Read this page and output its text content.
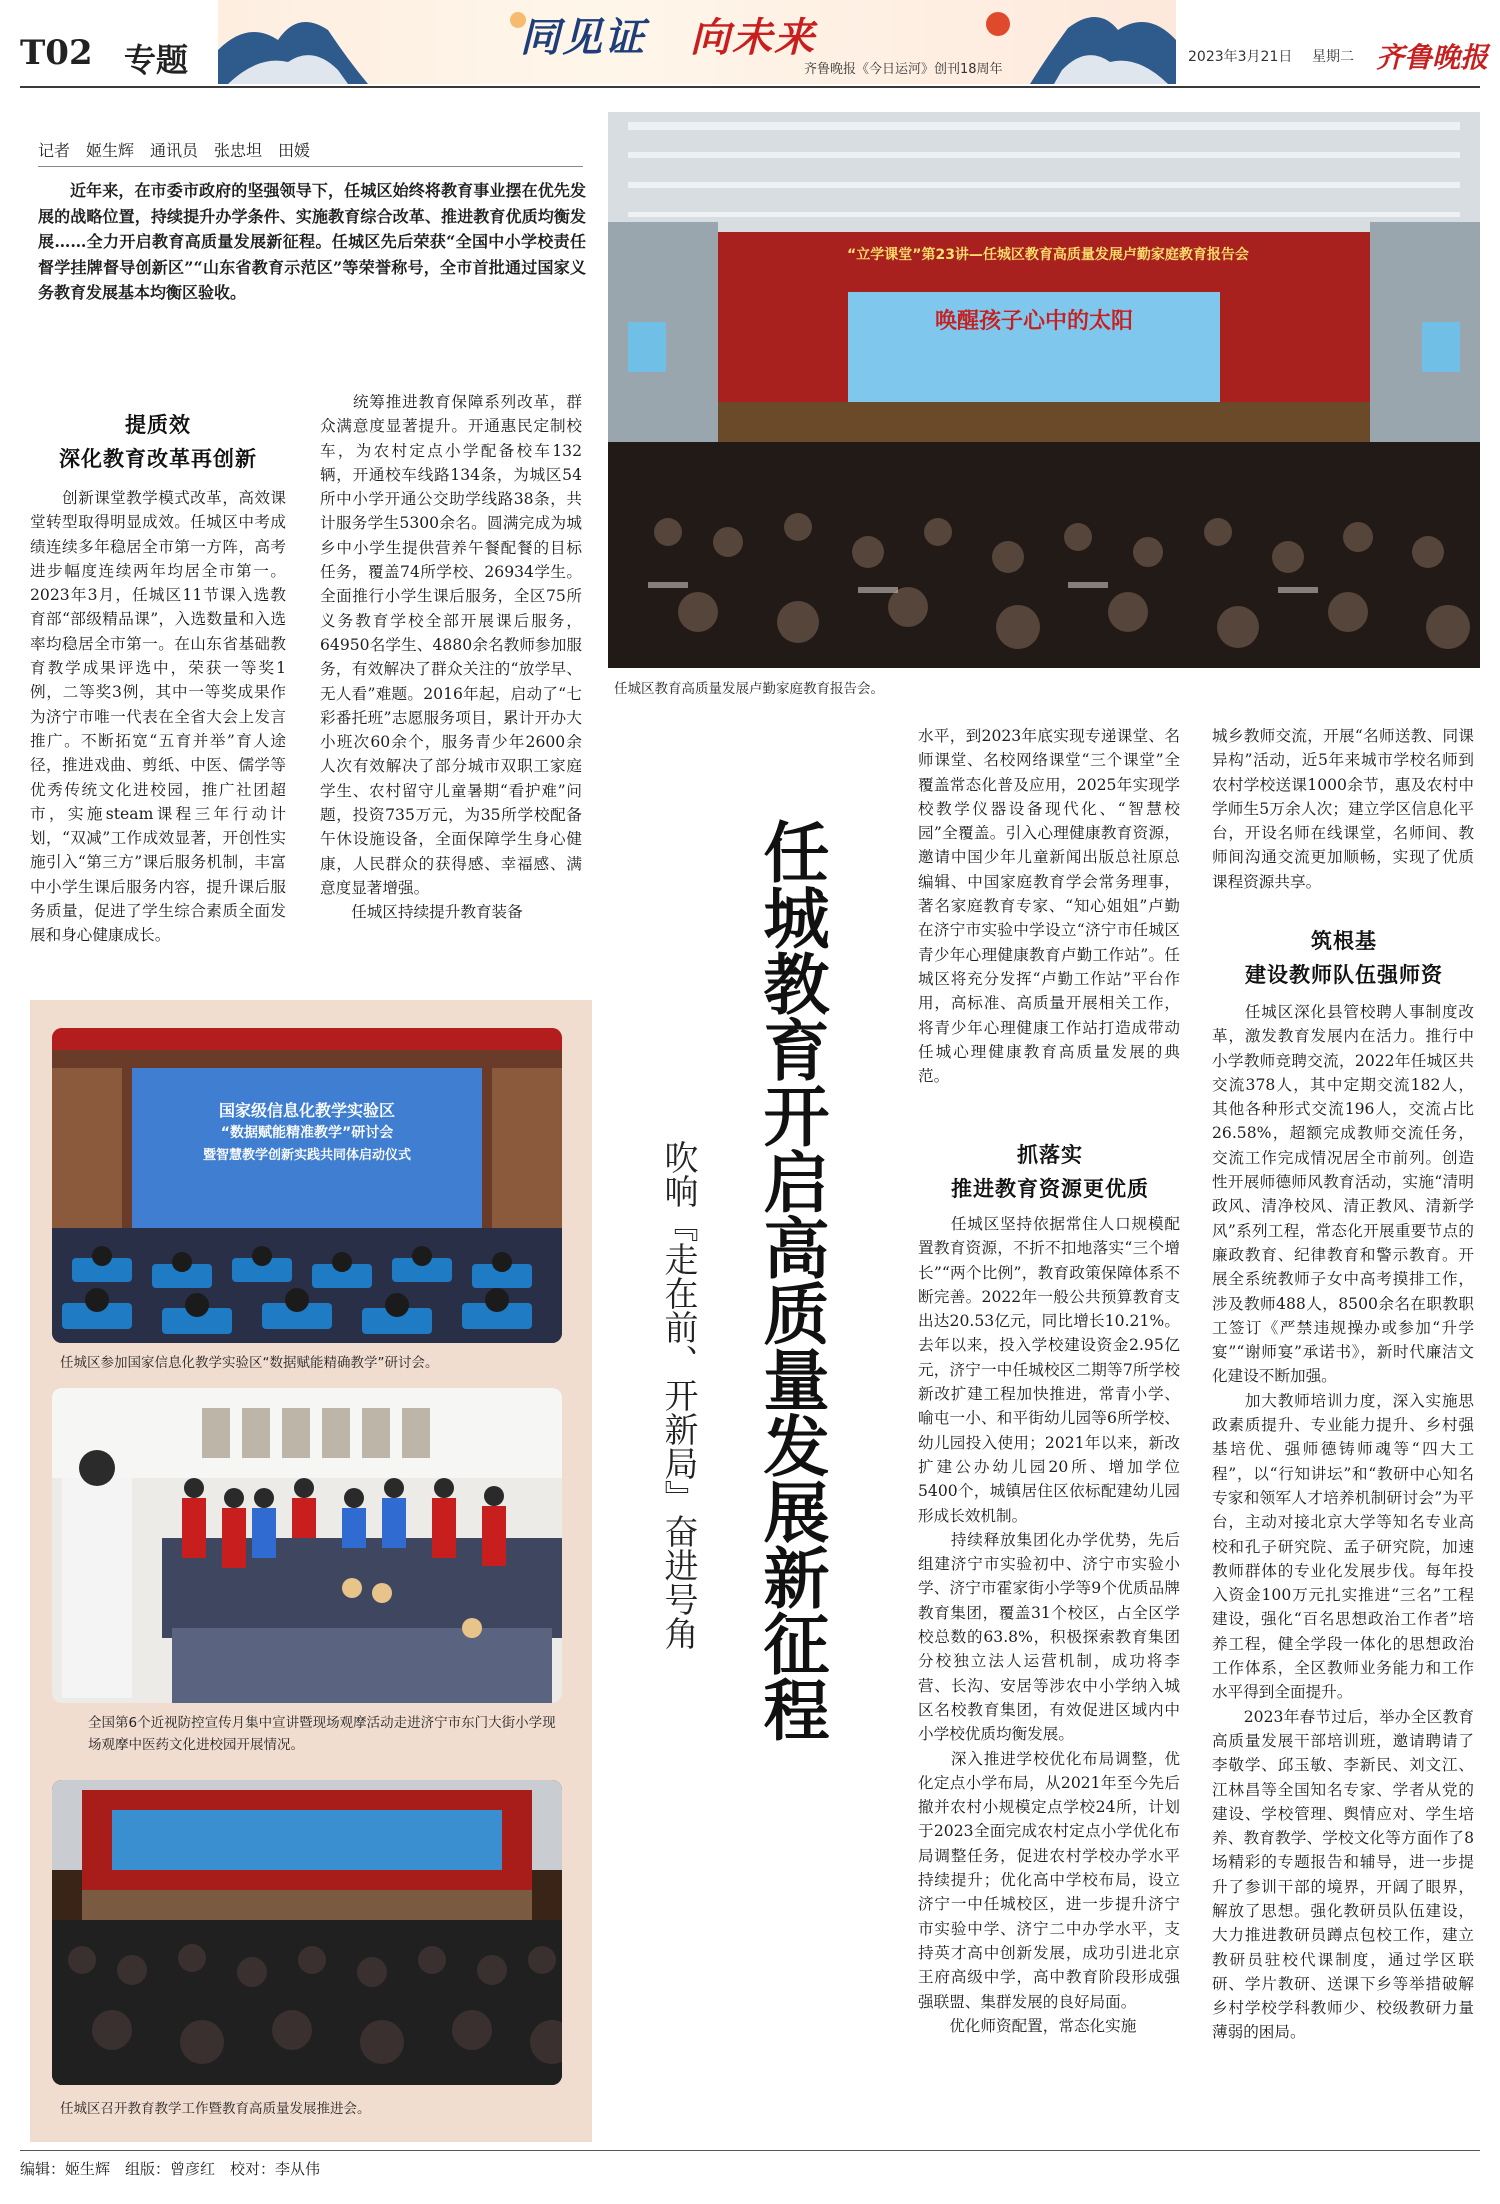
T02 专题	同见证 向未来
齐鲁晚报《今日运河》创刊18周年
2023年3月21日 星期二 齐鲁晚报
记者　姬生辉　通讯员　张忠坦　田媛
近年来，在市委市政府的坚强领导下，任城区始终将教育事业摆在优先发展的战略位置，持续提升办学条件、实施教育综合改革、推进教育优质均衡发展……全力开启教育高质量发展新征程。任城区先后荣获“全国中小学校责任督学挂牌督导创新区”“山东省教育示范区”等荣誉称号，全市首批通过国家义务教育发展基本均衡区验收。
提质效
深化教育改革再创新
　　创新课堂教学模式改革，高效课堂转型取得明显成效。任城区中考成绩连续多年稳居全市第一方阵，高考进步幅度连续两年均居全市第一。2023年3月，任城区11节课入选教育部“部级精品课”，入选数量和入选率均稳居全市第一。在山东省基础教育教学成果评选中，荣获一等奖1例，二等奖3例，其中一等奖成果作为济宁市唯一代表在全省大会上发言推广。不断拓宽“五育并举”育人途径，推进戏曲、剪纸、中医、儒学等优秀传统文化进校园，推广社团超市，实施steam课程三年行动计划，“双减”工作成效显著，开创性实施引入“第三方”课后服务机制，丰富中小学生课后服务内容，提升课后服务质量，促进了学生综合素质全面发展和身心健康成长。
　　统筹推进教育保障系列改革，群众满意度显著提升。开通惠民定制校车，为农村定点小学配备校车132辆，开通校车线路134条，为城区54所中小学开通公交助学线路38条，共计服务学生5300余名。圆满完成为城乡中小学生提供营养午餐配餐的目标任务，覆盖74所学校、26934学生。全面推行小学生课后服务，全区75所义务教育学校全部开展课后服务，64950名学生、4880余名教师参加服务，有效解决了群众关注的“放学早、无人看”难题。2016年起，启动了“七彩番托班”志愿服务项目，累计开办大小班次60余个，服务青少年2600余人次有效解决了部分城市双职工家庭学生、农村留守儿童暑期“看护难”问题，投资735万元，为35所学校配备午休设施设备，全面保障学生身心健康，人民群众的获得感、幸福感、满意度显著增强。
　　任城区持续提升教育装备
“立学课堂”第23讲—任城区教育高质量发展卢勤家庭教育报告会
唤醒孩子心中的太阳
任城区教育高质量发展卢勤家庭教育报告会。
任城教育开启高质量发展新征程
吹响『走在前、开新局』奋进号角
国家级信息化教学实验区
“数据赋能精准教学”研讨会
暨智慧教学创新实践共同体启动仪式
任城区参加国家信息化教学实验区“数据赋能精确教学”研讨会。
全国第6个近视防控宣传月集中宣讲暨现场观摩活动走进济宁市东门大街小学现场观摩中医药文化进校园开展情况。
任城区召开教育教学工作暨教育高质量发展推进会。
水平，到2023年底实现专递课堂、名师课堂、名校网络课堂“三个课堂”全覆盖常态化普及应用，2025年实现学校教学仪器设备现代化、“智慧校园”全覆盖。引入心理健康教育资源，邀请中国少年儿童新闻出版总社原总编辑、中国家庭教育学会常务理事，著名家庭教育专家、“知心姐姐”卢勤在济宁市实验中学设立“济宁市任城区青少年心理健康教育卢勤工作站”。任城区将充分发挥“卢勤工作站”平台作用，高标准、高质量开展相关工作，将青少年心理健康工作站打造成带动任城心理健康教育高质量发展的典范。
抓落实
推进教育资源更优质
　　任城区坚持依据常住人口规模配置教育资源，不折不扣地落实“三个增长”“两个比例”，教育政策保障体系不断完善。2022年一般公共预算教育支出达20.53亿元，同比增长10.21%。去年以来，投入学校建设资金2.95亿元，济宁一中任城校区二期等7所学校新改扩建工程加快推进，常青小学、喻屯一小、和平街幼儿园等6所学校、幼儿园投入使用；2021年以来，新改扩建公办幼儿园20所、增加学位5400个，城镇居住区依标配建幼儿园形成长效机制。
　　持续释放集团化办学优势，先后组建济宁市实验初中、济宁市实验小学、济宁市霍家街小学等9个优质品牌教育集团，覆盖31个校区，占全区学校总数的63.8%，积极探索教育集团分校独立法人运营机制，成功将李营、长沟、安居等涉农中小学纳入城区名校教育集团，有效促进区域内中小学校优质均衡发展。
　　深入推进学校优化布局调整，优化定点小学布局，从2021年至今先后撤并农村小规模定点学校24所，计划于2023全面完成农村定点小学优化布局调整任务，促进农村学校办学水平持续提升；优化高中学校布局，设立济宁一中任城校区，进一步提升济宁市实验中学、济宁二中办学水平，支持英才高中创新发展，成功引进北京王府高级中学，高中教育阶段形成强强联盟、集群发展的良好局面。
　　优化师资配置，常态化实施
城乡教师交流，开展“名师送教、同课异构”活动，近5年来城市学校名师到农村学校送课1000余节，惠及农村中学师生5万余人次；建立学区信息化平台，开设名师在线课堂，名师间、教师间沟通交流更加顺畅，实现了优质课程资源共享。
筑根基
建设教师队伍强师资
　　任城区深化县管校聘人事制度改革，激发教育发展内在活力。推行中小学教师竞聘交流，2022年任城区共交流378人，其中定期交流182人，其他各种形式交流196人，交流占比26.58%，超额完成教师交流任务，交流工作完成情况居全市前列。创造性开展师德师风教育活动，实施“清明政风、清净校风、清正教风、清新学风”系列工程，常态化开展重要节点的廉政教育、纪律教育和警示教育。开展全系统教师子女中高考摸排工作，涉及教师488人，8500余名在职教职工签订《严禁违规操办或参加“升学宴”“谢师宴”承诺书》，新时代廉洁文化建设不断加强。
　　加大教师培训力度，深入实施思政素质提升、专业能力提升、乡村强基培优、强师德铸师魂等“四大工程”，以“行知讲坛”和“教研中心知名专家和领军人才培养机制研讨会”为平台，主动对接北京大学等知名专业高校和孔子研究院、孟子研究院，加速教师群体的专业化发展步伐。每年投入资金100万元扎实推进“三名”工程建设，强化“百名思想政治工作者”培养工程，健全学段一体化的思想政治工作体系，全区教师业务能力和工作水平得到全面提升。
　　2023年春节过后，举办全区教育高质量发展干部培训班，邀请聘请了李敬学、邱玉敏、李新民、刘文江、江林昌等全国知名专家、学者从党的建设、学校管理、舆情应对、学生培养、教育教学、学校文化等方面作了8场精彩的专题报告和辅导，进一步提升了参训干部的境界，开阔了眼界，解放了思想。强化教研员队伍建设，大力推进教研员蹲点包校工作，建立教研员驻校代课制度，通过学区联研、学片教研、送课下乡等举措破解乡村学校学科教师少、校级教研力量薄弱的困局。
编辑：姬生辉　组版：曾彦红　校对：李从伟
